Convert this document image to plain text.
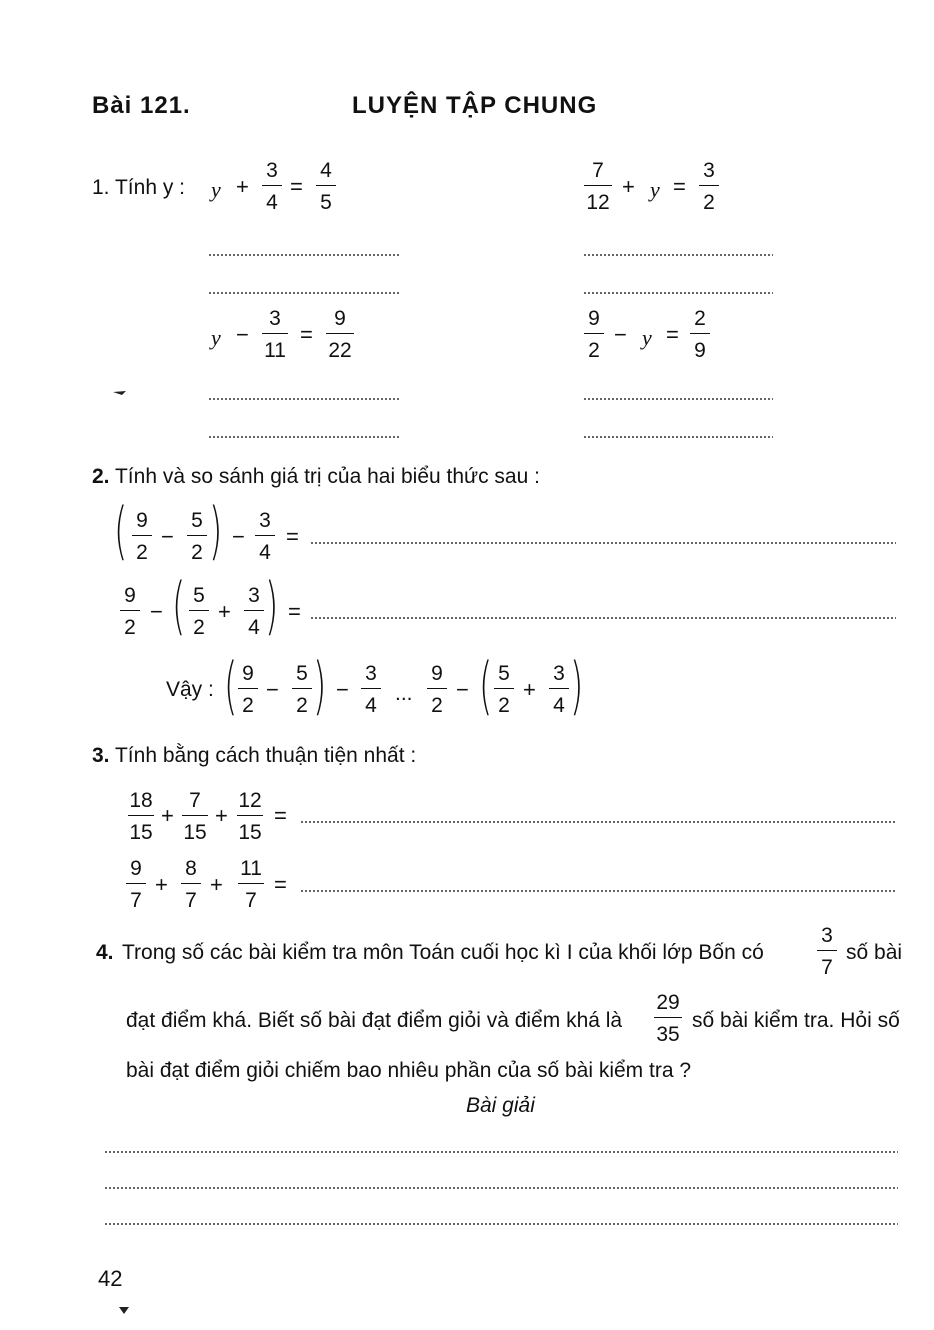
Bài 121.	LUYỆN TẬP CHUNG
1. Tính y : y +
3
4
=
4
5
7
12
+ y =
3
2
y −
3
11
=
9
22
9
2
− y =
2
9
2. Tính và so sánh giá trị của hai biểu thức sau :
( 9
2
−
5
2 ) −
3
4
=
9
2
− ( 5
2
+
3
4 ) =
Vậy : ( 9
2
−
5
2 ) −
3
4
...
9
2
− ( 5
2
+
3
4 )
3. Tính bằng cách thuận tiện nhất :
18
15
+
7
15
+
12
15
=
9
7
+
8
7
+
11
7
=
4. Trong số các bài kiểm tra môn Toán cuối học kì I của khối lớp Bốn có
3
7
số bài
đạt điểm khá. Biết số bài đạt điểm giỏi và điểm khá là
29
35
số bài kiểm tra. Hỏi số
bài đạt điểm giỏi chiếm bao nhiêu phần của số bài kiểm tra ?
Bài giải
42
